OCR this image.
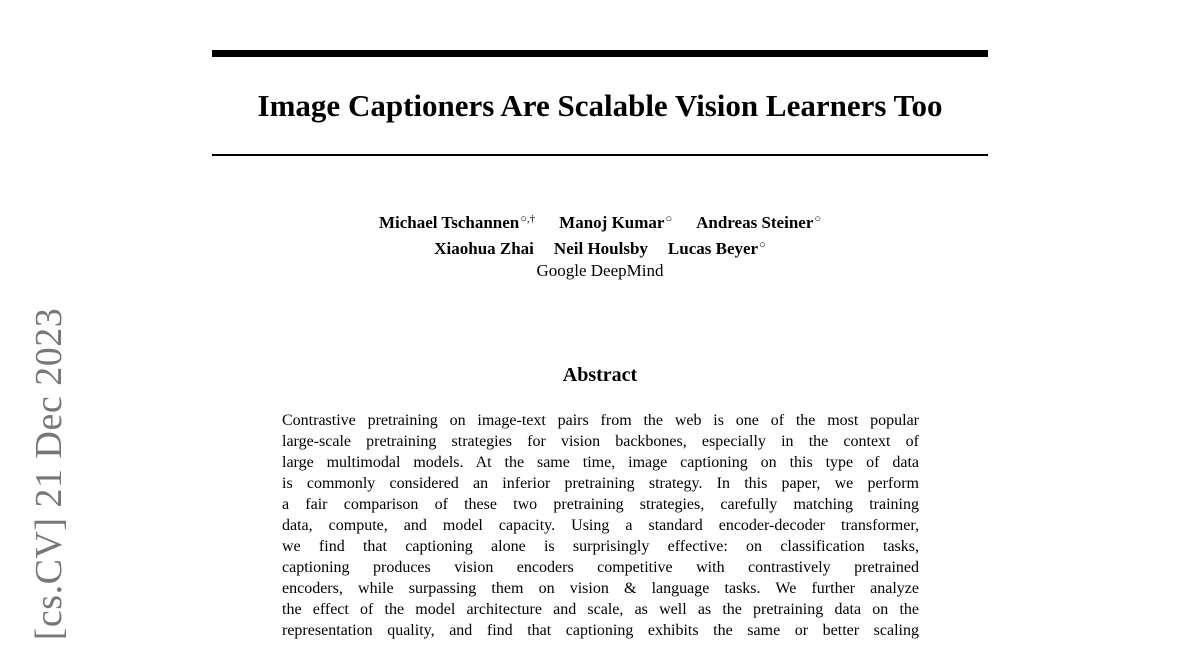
Image Captioners Are Scalable Vision Learners Too
Michael Tschannen○,† Manoj Kumar○ Andreas Steiner○
Xiaohua Zhai Neil Houlsby Lucas Beyer○
Google DeepMind
Abstract
Contrastive pretraining on image-text pairs from the web is one of the most popular
large-scale pretraining strategies for vision backbones, especially in the context of
large multimodal models. At the same time, image captioning on this type of data
is commonly considered an inferior pretraining strategy. In this paper, we perform
a fair comparison of these two pretraining strategies, carefully matching training
data, compute, and model capacity. Using a standard encoder-decoder transformer,
we find that captioning alone is surprisingly effective: on classification tasks,
captioning produces vision encoders competitive with contrastively pretrained
encoders, while surpassing them on vision & language tasks. We further analyze
the effect of the model architecture and scale, as well as the pretraining data on the
representation quality, and find that captioning exhibits the same or better scaling
[cs.CV] 21 Dec 2023
